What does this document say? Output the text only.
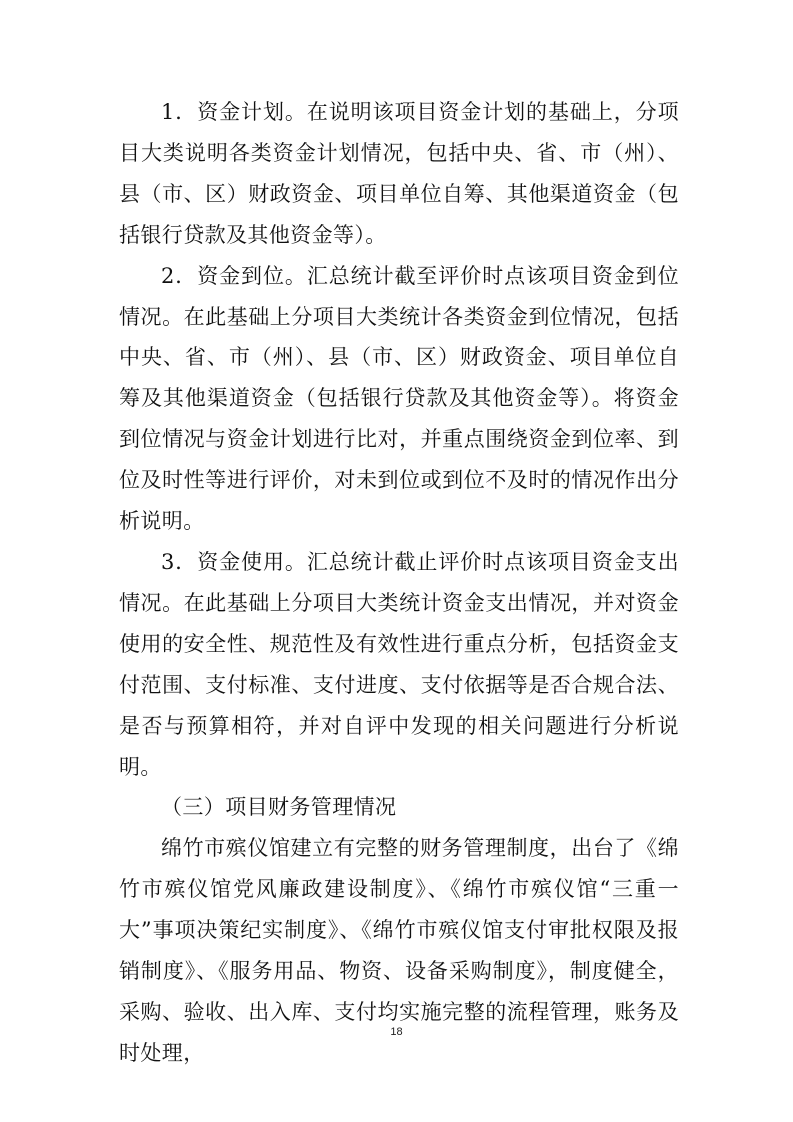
1．资金计划。在说明该项目资金计划的基础上，分项目大类说明各类资金计划情况，包括中央、省、市（州）、县（市、区）财政资金、项目单位自筹、其他渠道资金（包括银行贷款及其他资金等）。

2．资金到位。汇总统计截至评价时点该项目资金到位情况。在此基础上分项目大类统计各类资金到位情况，包括中央、省、市（州）、县（市、区）财政资金、项目单位自筹及其他渠道资金（包括银行贷款及其他资金等）。将资金到位情况与资金计划进行比对，并重点围绕资金到位率、到位及时性等进行评价，对未到位或到位不及时的情况作出分析说明。

3．资金使用。汇总统计截止评价时点该项目资金支出情况。在此基础上分项目大类统计资金支出情况，并对资金使用的安全性、规范性及有效性进行重点分析，包括资金支付范围、支付标准、支付进度、支付依据等是否合规合法、是否与预算相符，并对自评中发现的相关问题进行分析说明。

（三）项目财务管理情况

绵竹市殡仪馆建立有完整的财务管理制度，出台了《绵竹市殡仪馆党风廉政建设制度》、《绵竹市殡仪馆“三重一大”事项决策纪实制度》、《绵竹市殡仪馆支付审批权限及报销制度》、《服务用品、物资、设备采购制度》，制度健全，采购、验收、出入库、支付均实施完整的流程管理，账务及时处理，

18
